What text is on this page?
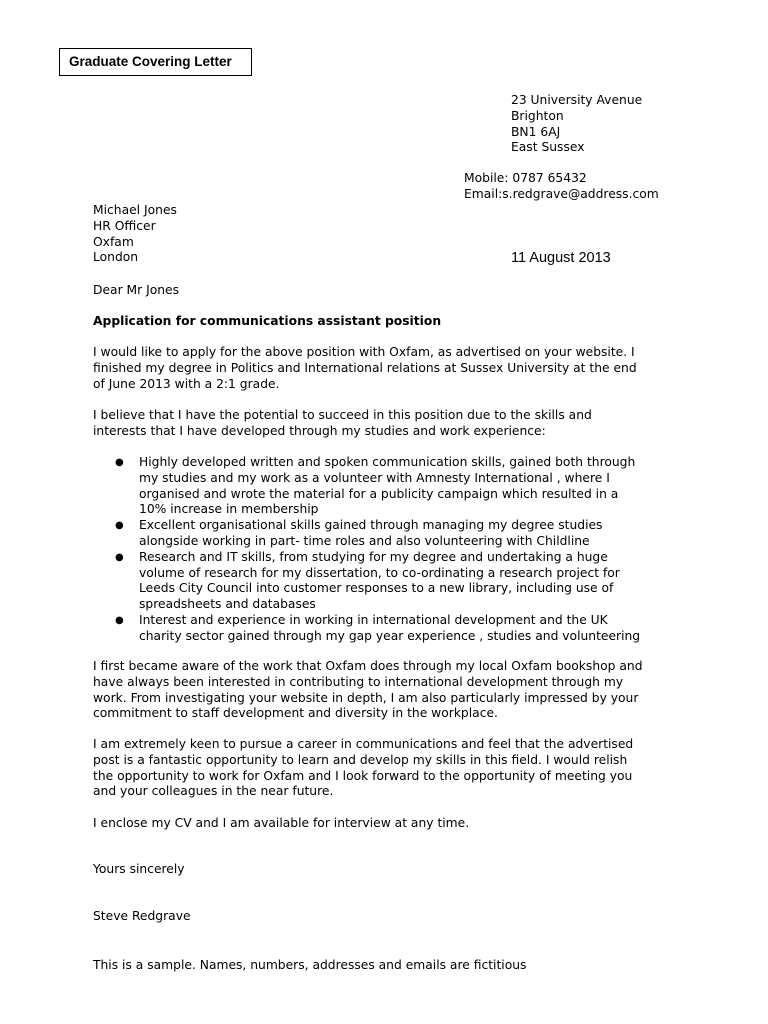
Graduate Covering Letter
23 University Avenue
Brighton
BN1 6AJ
East Sussex
Mobile: 0787 65432
Email:s.redgrave@address.com
Michael Jones
HR Officer
Oxfam
London	11 August 2013
Dear Mr Jones
Application for communications assistant position
I would like to apply for the above position with Oxfam, as advertised on your website. I
finished my degree in Politics and International relations at Sussex University at the end
of June 2013 with a 2:1 grade.
I believe that I have the potential to succeed in this position due to the skills and
interests that I have developed through my studies and work experience:
● Highly developed written and spoken communication skills, gained both through
my studies and my work as a volunteer with Amnesty International , where I
organised and wrote the material for a publicity campaign which resulted in a
10% increase in membership
● Excellent organisational skills gained through managing my degree studies
alongside working in part- time roles and also volunteering with Childline
● Research and IT skills, from studying for my degree and undertaking a huge
volume of research for my dissertation, to co-ordinating a research project for
Leeds City Council into customer responses to a new library, including use of
spreadsheets and databases
● Interest and experience in working in international development and the UK
charity sector gained through my gap year experience , studies and volunteering
I first became aware of the work that Oxfam does through my local Oxfam bookshop and
have always been interested in contributing to international development through my
work. From investigating your website in depth, I am also particularly impressed by your
commitment to staff development and diversity in the workplace.
I am extremely keen to pursue a career in communications and feel that the advertised
post is a fantastic opportunity to learn and develop my skills in this field. I would relish
the opportunity to work for Oxfam and I look forward to the opportunity of meeting you
and your colleagues in the near future.
I enclose my CV and I am available for interview at any time.
Yours sincerely
Steve Redgrave
This is a sample. Names, numbers, addresses and emails are fictitious
